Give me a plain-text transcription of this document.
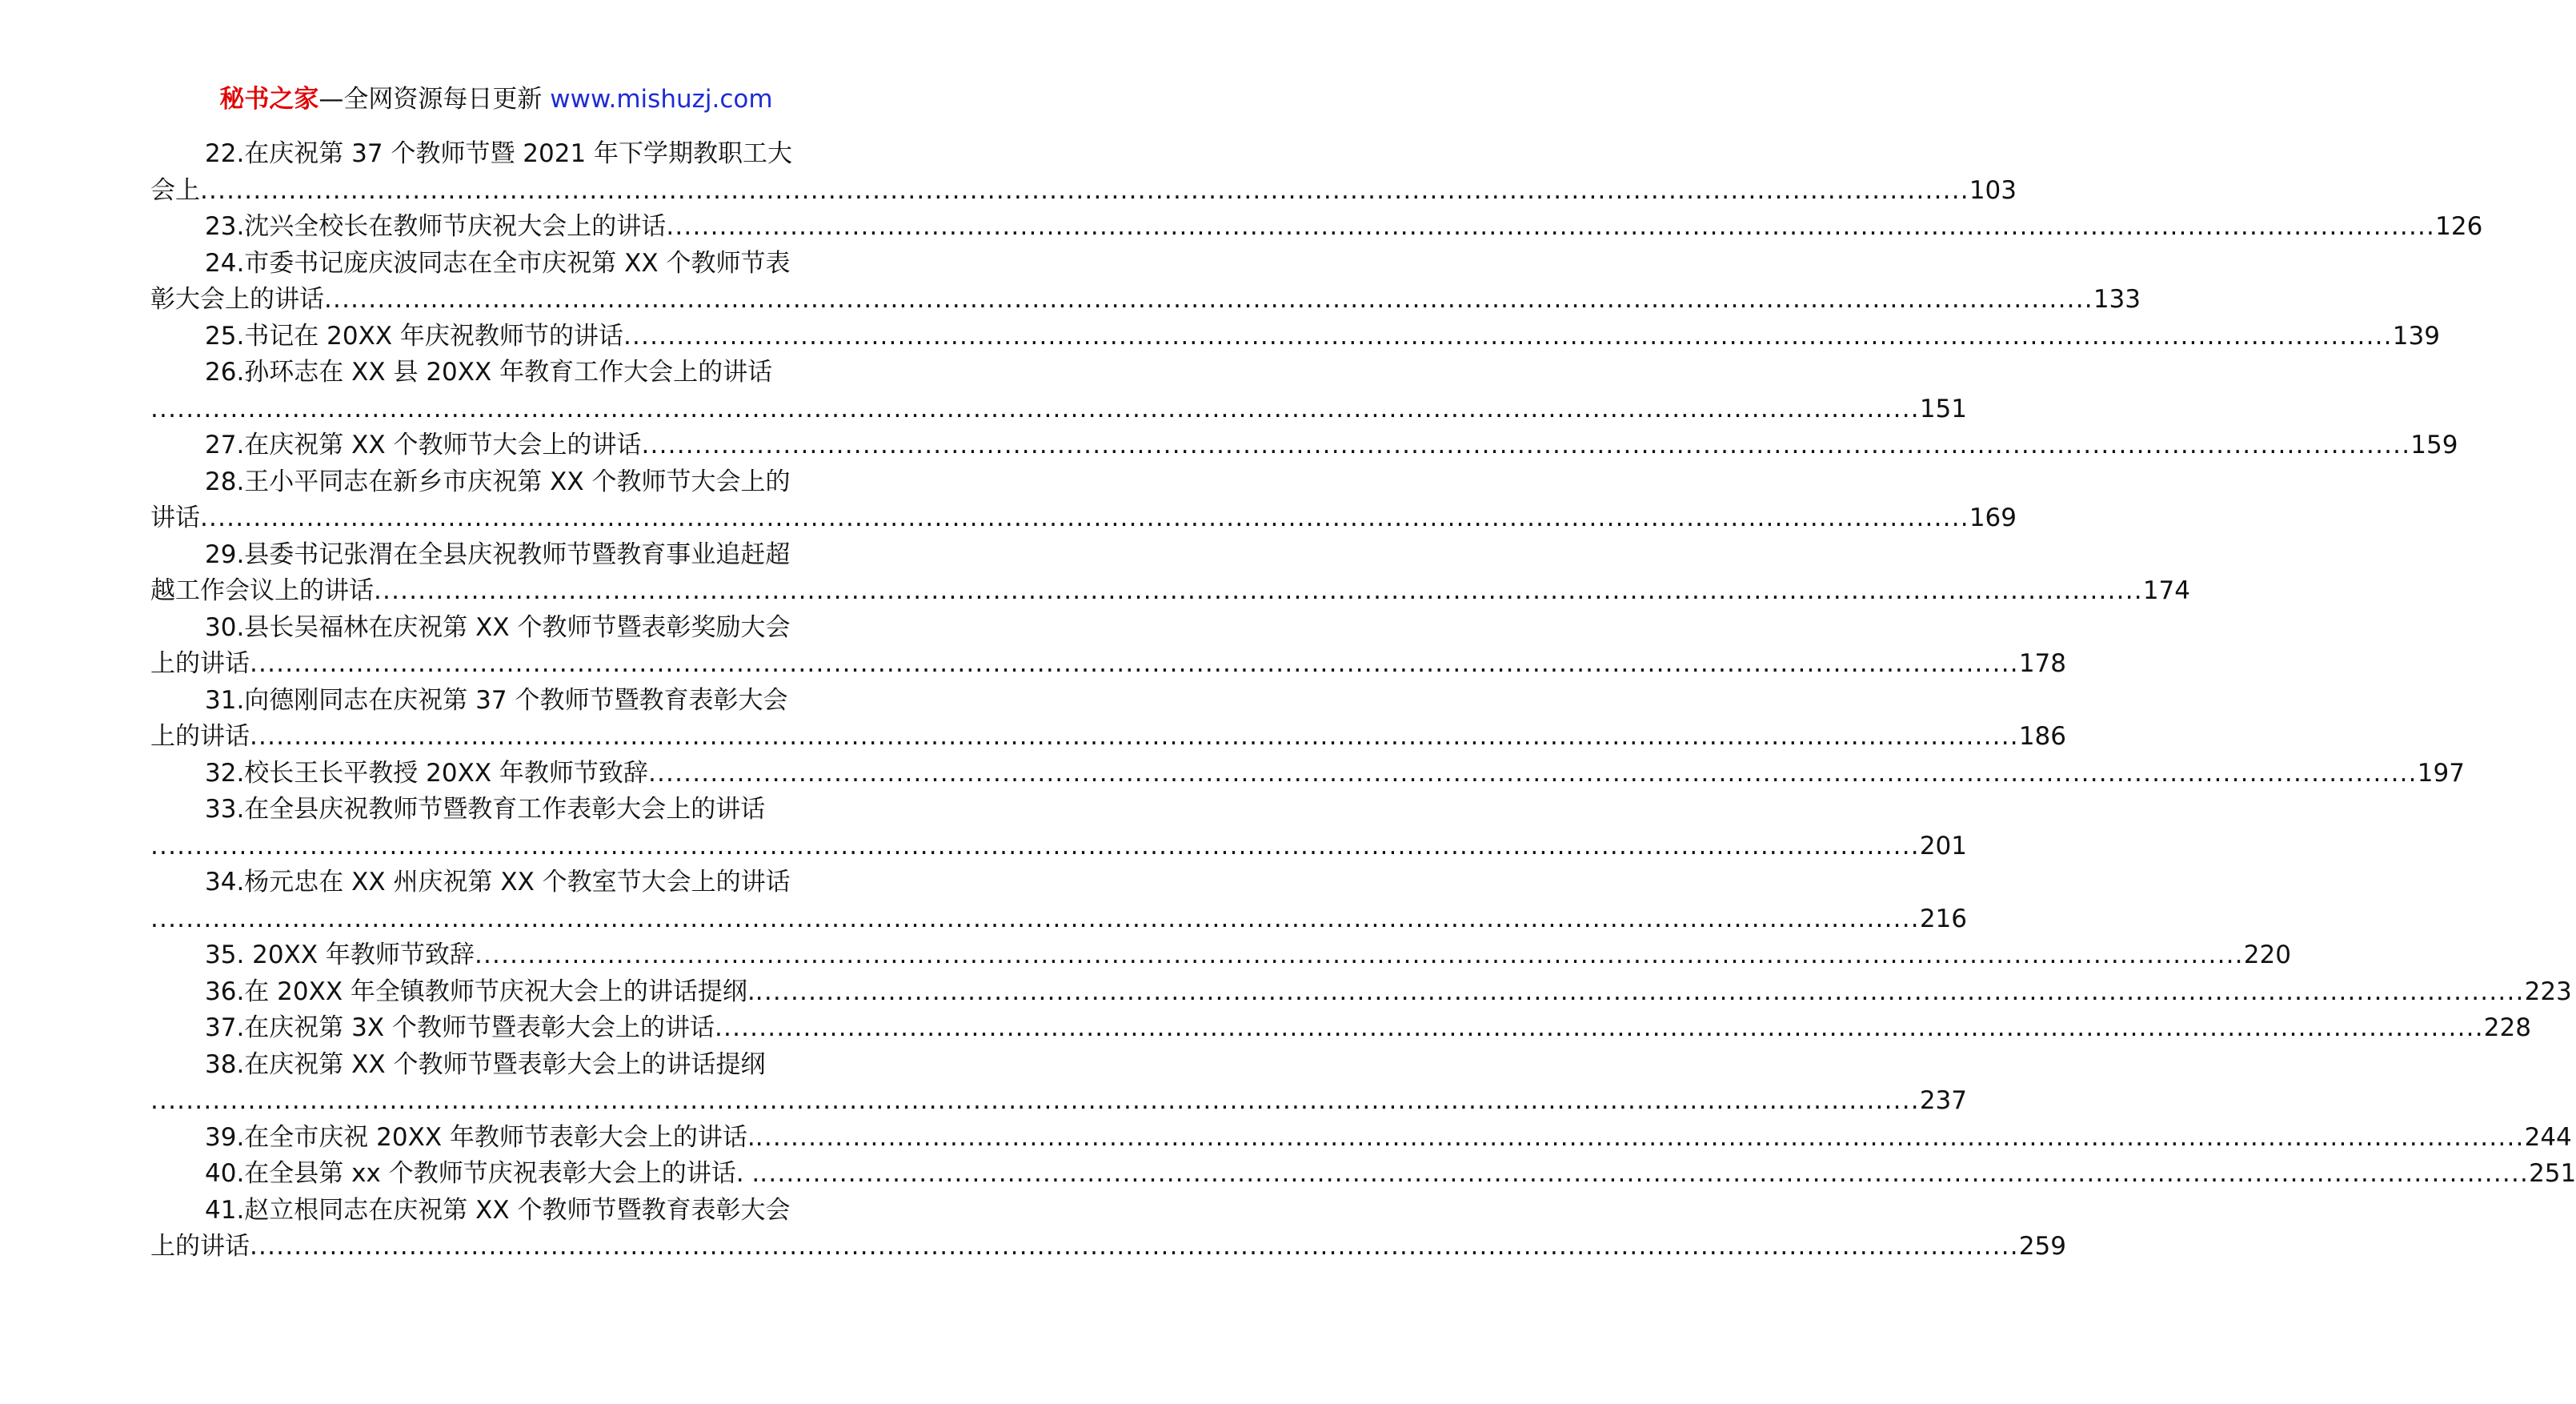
秘书之家—全网资源每日更新 www.mishuzj.com
22.在庆祝第 37 个教师节暨 2021 年下学期教职工大
会上 ........................................................................................................................................................................................................ 103
23.沈兴全校长在教师节庆祝大会上的讲话 ........................................................................................................................................................................................................ 126
24.市委书记庞庆波同志在全市庆祝第 XX 个教师节表
彰大会上的讲话 ........................................................................................................................................................................................................ 133
25.书记在 20XX 年庆祝教师节的讲话 ........................................................................................................................................................................................................ 139
26.孙环志在 XX 县 20XX 年教育工作大会上的讲话
........................................................................................................................................................................................................ 151
27.在庆祝第 XX 个教师节大会上的讲话 ........................................................................................................................................................................................................ 159
28.王小平同志在新乡市庆祝第 XX 个教师节大会上的
讲话 ........................................................................................................................................................................................................ 169
29.县委书记张渭在全县庆祝教师节暨教育事业追赶超
越工作会议上的讲话 ........................................................................................................................................................................................................ 174
30.县长吴福林在庆祝第 XX 个教师节暨表彰奖励大会
上的讲话 ........................................................................................................................................................................................................ 178
31.向德刚同志在庆祝第 37 个教师节暨教育表彰大会
上的讲话 ........................................................................................................................................................................................................ 186
32.校长王长平教授 20XX 年教师节致辞 ........................................................................................................................................................................................................ 197
33.在全县庆祝教师节暨教育工作表彰大会上的讲话
........................................................................................................................................................................................................ 201
34.杨元忠在 XX 州庆祝第 XX 个教室节大会上的讲话
........................................................................................................................................................................................................ 216
35. 20XX 年教师节致辞 ........................................................................................................................................................................................................ 220
36.在 20XX 年全镇教师节庆祝大会上的讲话提纲. ........................................................................................................................................................................................................ 223
37.在庆祝第 3X 个教师节暨表彰大会上的讲话 ........................................................................................................................................................................................................ 228
38.在庆祝第 XX 个教师节暨表彰大会上的讲话提纲
........................................................................................................................................................................................................ 237
39.在全市庆祝 20XX 年教师节表彰大会上的讲话. ........................................................................................................................................................................................................ 244
40.在全县第 xx 个教师节庆祝表彰大会上的讲话. . ........................................................................................................................................................................................................ 251
41.赵立根同志在庆祝第 XX 个教师节暨教育表彰大会
上的讲话 ........................................................................................................................................................................................................ 259
